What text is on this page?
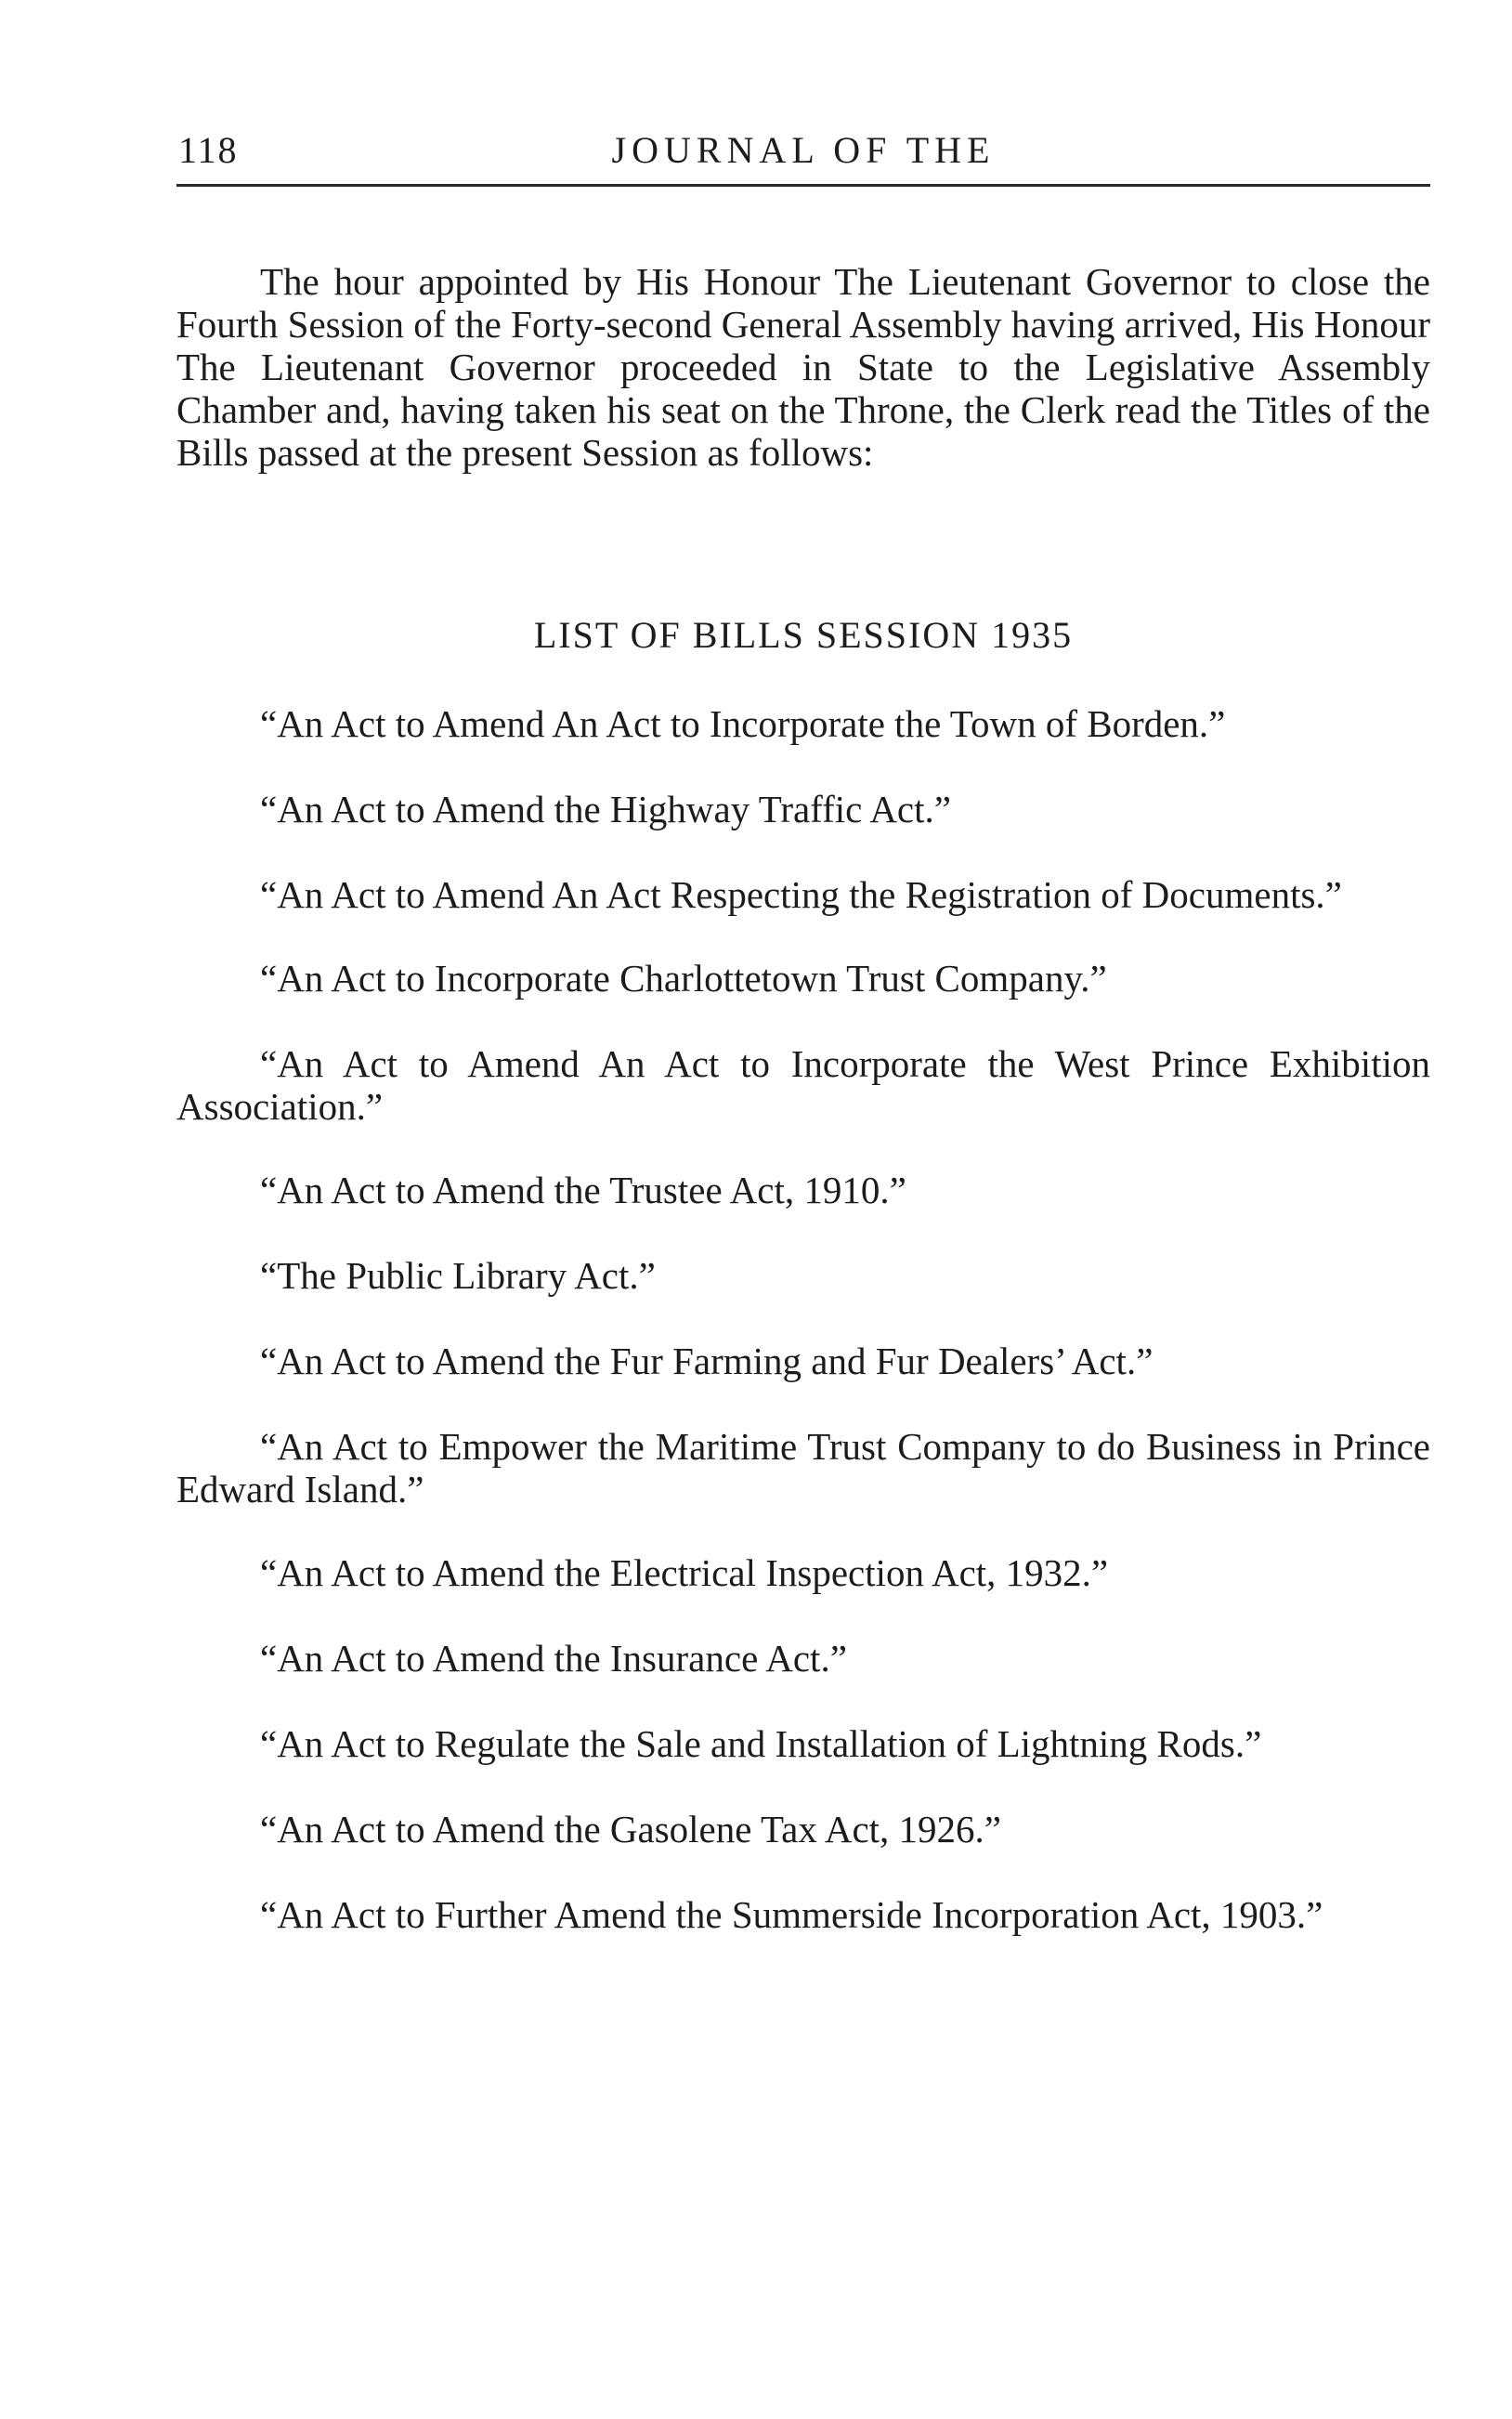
118	JOURNAL OF THE

The hour appointed by His Honour The Lieutenant Governor to close the Fourth Session of the Forty-second General Assembly having arrived, His Honour The Lieutenant Governor proceeded in State to the Legislative Assembly Chamber and, having taken his seat on the Throne, the Clerk read the Titles of the Bills passed at the present Session as follows:

LIST OF BILLS SESSION 1935
“An Act to Amend An Act to Incorporate the Town of Borden.”
“An Act to Amend the Highway Traffic Act.”
“An Act to Amend An Act Respecting the Registration of Documents.”
“An Act to Incorporate Charlottetown Trust Company.”
“An Act to Amend An Act to Incorporate the West Prince Exhibition Association.”
“An Act to Amend the Trustee Act, 1910.”
“The Public Library Act.”
“An Act to Amend the Fur Farming and Fur Dealers’ Act.”
“An Act to Empower the Maritime Trust Company to do Business in Prince Edward Island.”
“An Act to Amend the Electrical Inspection Act, 1932.”
“An Act to Amend the Insurance Act.”
“An Act to Regulate the Sale and Installation of Lightning Rods.”
“An Act to Amend the Gasolene Tax Act, 1926.”
“An Act to Further Amend the Summerside Incorporation Act, 1903.”
